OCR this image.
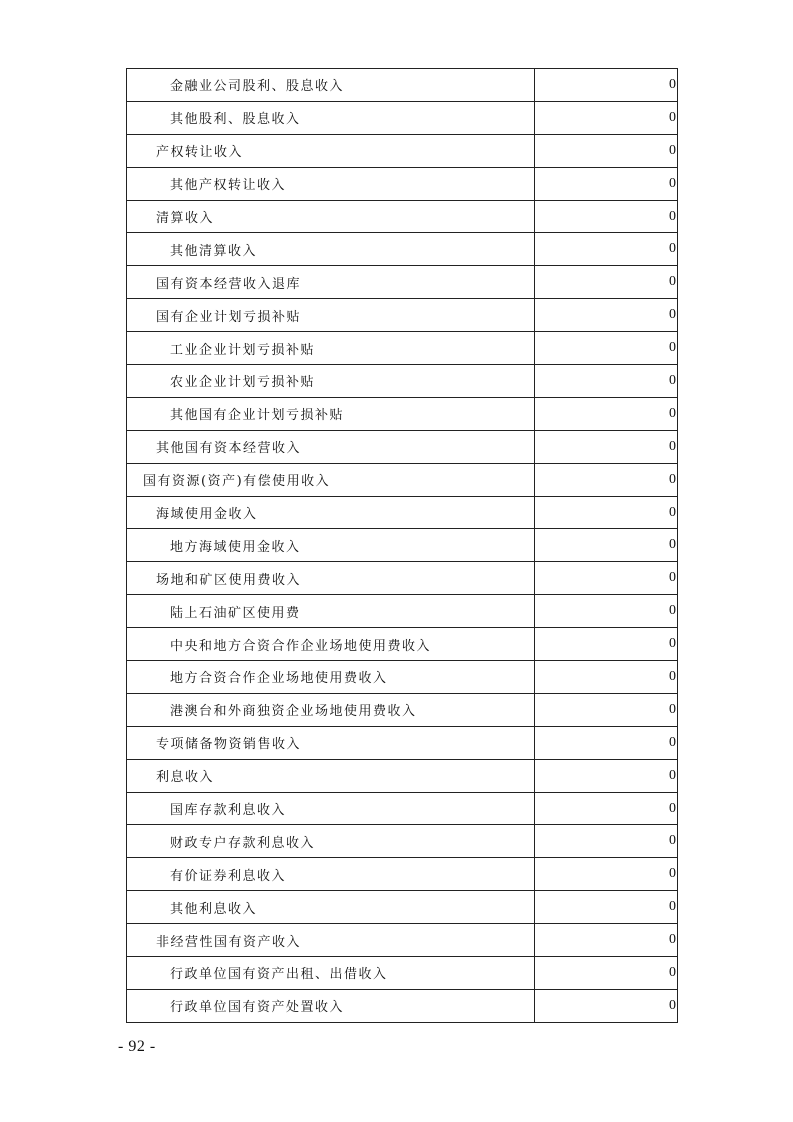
金融业公司股利、股息收入	0
其他股利、股息收入	0
产权转让收入	0
其他产权转让收入	0
清算收入	0
其他清算收入	0
国有资本经营收入退库	0
国有企业计划亏损补贴	0
工业企业计划亏损补贴	0
农业企业计划亏损补贴	0
其他国有企业计划亏损补贴	0
其他国有资本经营收入	0
国有资源(资产)有偿使用收入	0
海域使用金收入	0
地方海域使用金收入	0
场地和矿区使用费收入	0
陆上石油矿区使用费	0
中央和地方合资合作企业场地使用费收入	0
地方合资合作企业场地使用费收入	0
港澳台和外商独资企业场地使用费收入	0
专项储备物资销售收入	0
利息收入	0
国库存款利息收入	0
财政专户存款利息收入	0
有价证券利息收入	0
其他利息收入	0
非经营性国有资产收入	0
行政单位国有资产出租、出借收入	0
行政单位国有资产处置收入	0
- 92 -
